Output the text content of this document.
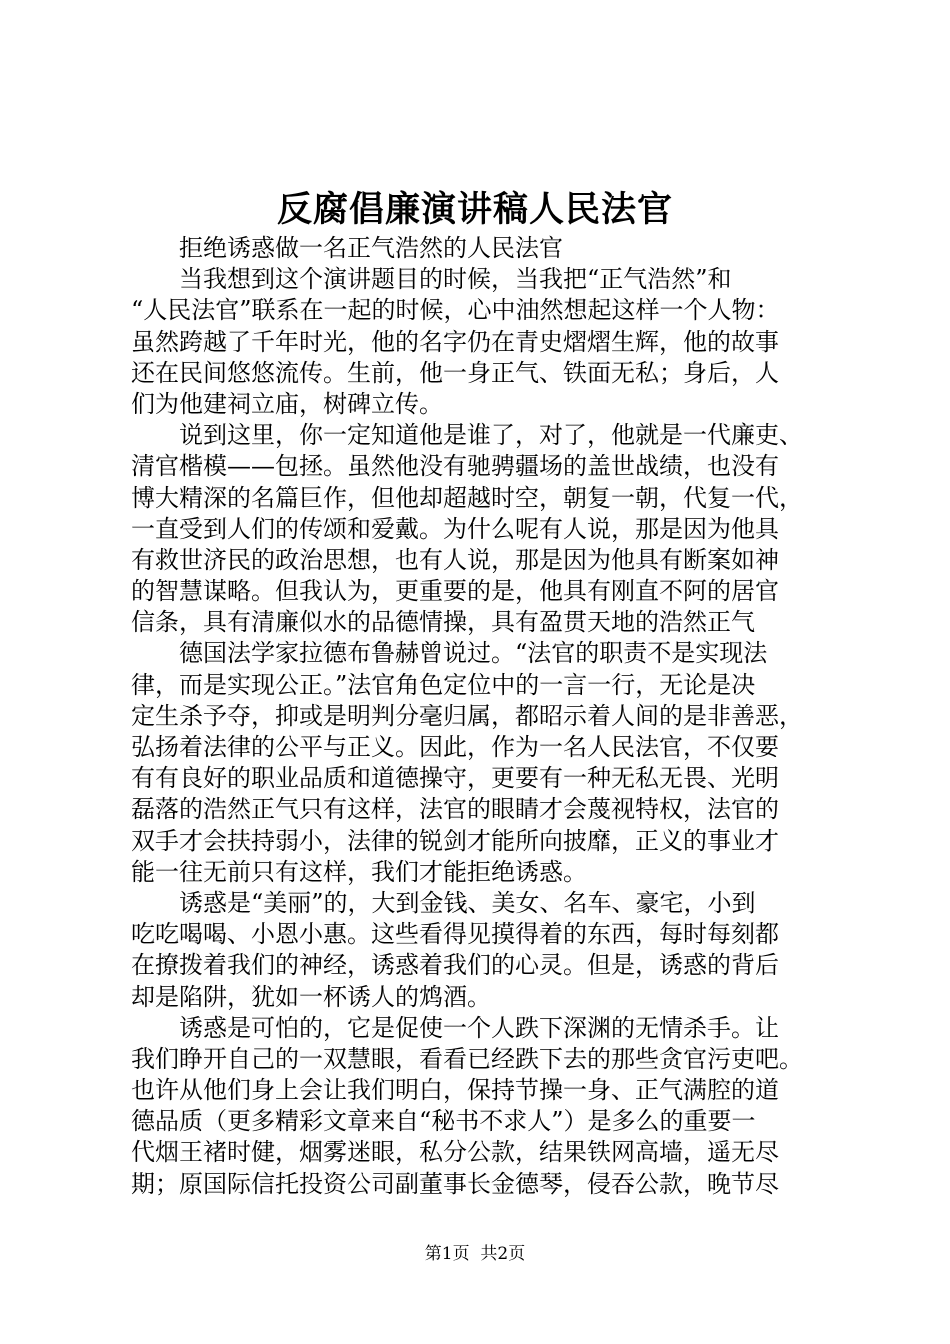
反腐倡廉演讲稿人民法官
　　拒绝诱惑做一名正气浩然的人民法官
　　当我想到这个演讲题目的时候，当我把“正气浩然”和
“人民法官”联系在一起的时候，心中油然想起这样一个人物：
虽然跨越了千年时光，他的名字仍在青史熠熠生辉，他的故事
还在民间悠悠流传。生前，他一身正气、铁面无私；身后，人
们为他建祠立庙，树碑立传。
　　说到这里，你一定知道他是谁了，对了，他就是一代廉吏、
清官楷模——包拯。虽然他没有驰骋疆场的盖世战绩，也没有
博大精深的名篇巨作，但他却超越时空，朝复一朝，代复一代，
一直受到人们的传颂和爱戴。为什么呢有人说，那是因为他具
有救世济民的政治思想，也有人说，那是因为他具有断案如神
的智慧谋略。但我认为，更重要的是，他具有刚直不阿的居官
信条，具有清廉似水的品德情操，具有盈贯天地的浩然正气
　　德国法学家拉德布鲁赫曾说过。“法官的职责不是实现法
律，而是实现公正。”法官角色定位中的一言一行，无论是决
定生杀予夺，抑或是明判分毫归属，都昭示着人间的是非善恶，
弘扬着法律的公平与正义。因此，作为一名人民法官，不仅要
有有良好的职业品质和道德操守，更要有一种无私无畏、光明
磊落的浩然正气只有这样，法官的眼睛才会蔑视特权，法官的
双手才会扶持弱小，法律的锐剑才能所向披靡，正义的事业才
能一往无前只有这样，我们才能拒绝诱惑。
　　诱惑是“美丽”的，大到金钱、美女、名车、豪宅，小到
吃吃喝喝、小恩小惠。这些看得见摸得着的东西，每时每刻都
在撩拨着我们的神经，诱惑着我们的心灵。但是，诱惑的背后
却是陷阱，犹如一杯诱人的鸩酒。
　　诱惑是可怕的，它是促使一个人跌下深渊的无情杀手。让
我们睁开自己的一双慧眼，看看已经跌下去的那些贪官污吏吧。
也许从他们身上会让我们明白，保持节操一身、正气满腔的道
德品质（更多精彩文章来自“秘书不求人”）是多么的重要一
代烟王褚时健，烟雾迷眼，私分公款，结果铁网高墙，遥无尽
期；原国际信托投资公司副董事长金德琴，侵吞公款，晚节尽
第1页  共2页
